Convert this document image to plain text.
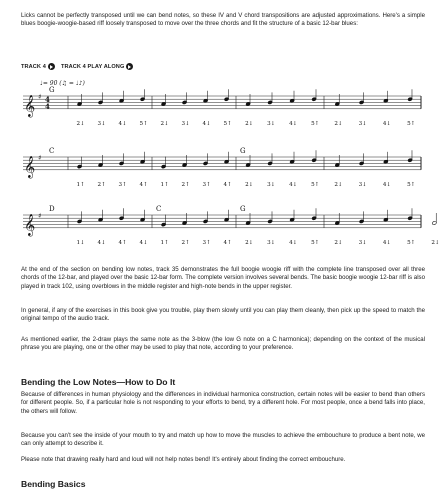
Licks cannot be perfectly transposed until we can bend notes, so these IV and V chord transpositions are adjusted approximations. Here's a simple blues boogie-woogie-based riff loosely transposed to move over the three chords and fit the structure of a basic 12-bar blues:

TRACK 4	TRACK 4 PLAY ALONG
♩= 90 (♫ = ♩♪)
𝄞 ♯ 4
4
2↓ 3↓ 4↓ 5↑ 2↓ 3↓ 4↓ 5↑ 2↓ 3↓ 4↓ 5↑	2↓	3↓	4↓	5↑
G
𝄞 ♯
1↑ 2↑ 3↑ 4↑ 1↑ 2↑ 3↑ 4↑ 2↓ 3↓ 4↓ 5↑	2↓	3↓	4↓	5↑
C	G
𝄞 ♯
1↓ 4↓ 4↑ 4↓ 1↑ 2↑ 3↑ 4↑ 2↓ 3↓ 4↓ 5↑	2↓	3↓	4↓	5↑	2↓
D	C	G

At the end of the section on bending low notes, track 35 demonstrates the full boogie woogie riff with the complete line transposed over all three chords of the 12-bar, and played over the basic 12-bar form. The complete version involves several bends. The basic boogie woogie 12-bar riff is also played in track 102, using overblows in the middle register and high-note bends in the upper register.

In general, if any of the exercises in this book give you trouble, play them slowly until you can play them cleanly, then pick up the speed to match the original tempo of the audio track.

As mentioned earlier, the 2-draw plays the same note as the 3-blow (the low G note on a C harmonica); depending on the context of the musical phrase you are playing, one or the other may be used to play that note, according to your preference.

Bending the Low Notes—How to Do It

Because of differences in human physiology and the differences in individual harmonica construction, certain notes will be easier to bend than others for different people. So, if a particular hole is not responding to your efforts to bend, try a different hole. For most people, once a bend falls into place, the others will follow.

Because you can't see the inside of your mouth to try and match up how to move the muscles to achieve the embouchure to produce a bent note, we can only attempt to describe it.

Please note that drawing really hard and loud will not help notes bend! It's entirely about finding the correct embouchure.

Bending Basics
